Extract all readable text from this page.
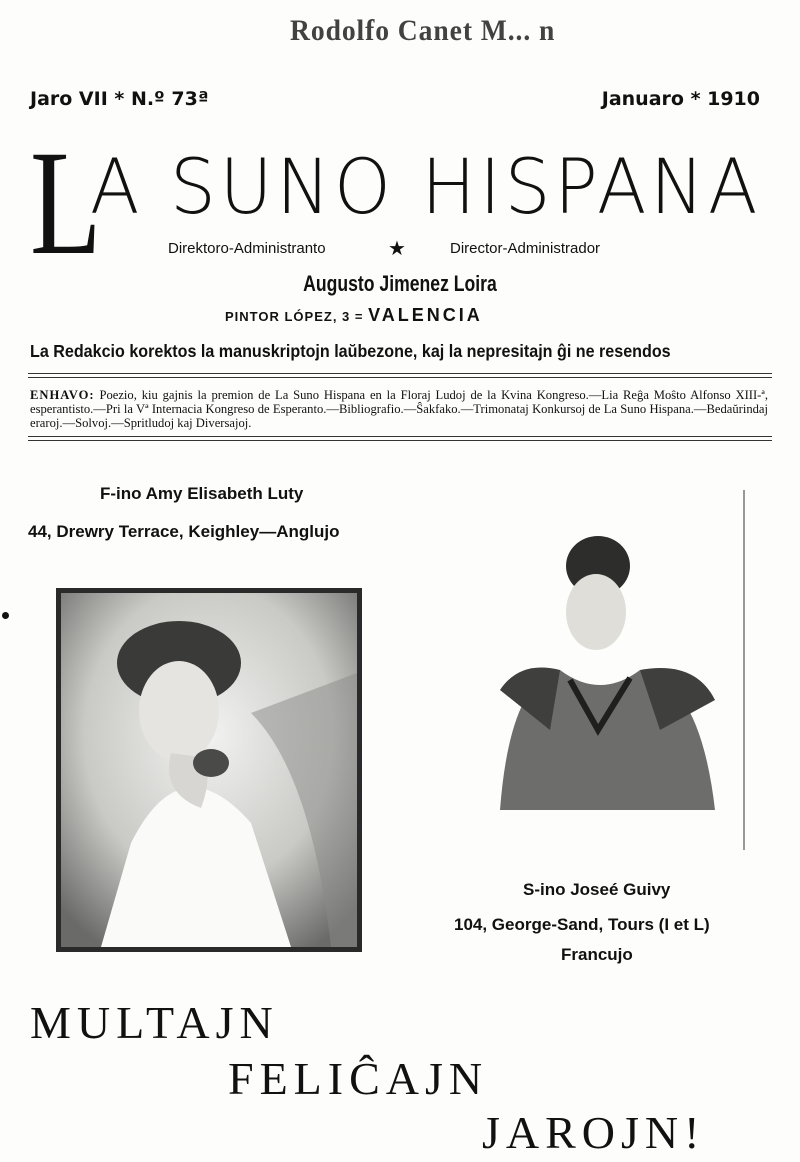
Rodolfo Canet M... n
Jaro VII * N.º 73ª	Januaro * 1910
L
A SUNO HISPANA
Direktoro-Administranto	★	Director-Administrador
Augusto Jimenez Loira
PINTOR LÓPEZ, 3 = VALENCIA
La Redakcio korektos la manuskriptojn laŭbezone, kaj la nepresitajn ĝi ne resendos
ENHAVO: Poezio, kiu gajnis la premion de La Suno Hispana en la Floraj Ludoj de la Kvina Kongreso.—Lia Reĝa Moŝto Alfonso XIII-ª, esperantisto.—Pri la Vª Internacia Kongreso de Esperanto.—Bibliografio.—Ŝakfako.—Trimonataj Konkursoj de La Suno Hispana.—Bedaŭrindaj eraroj.—Solvoj.—Spritludoj kaj Diversajoj.
F-ino Amy Elisabeth Luty
44, Drewry Terrace, Keighley—Anglujo
S-ino Joseé Guivy
104, George-Sand, Tours (I et L)
Francujo
MULTAJN
FELIĈAJN
JAROJN!
